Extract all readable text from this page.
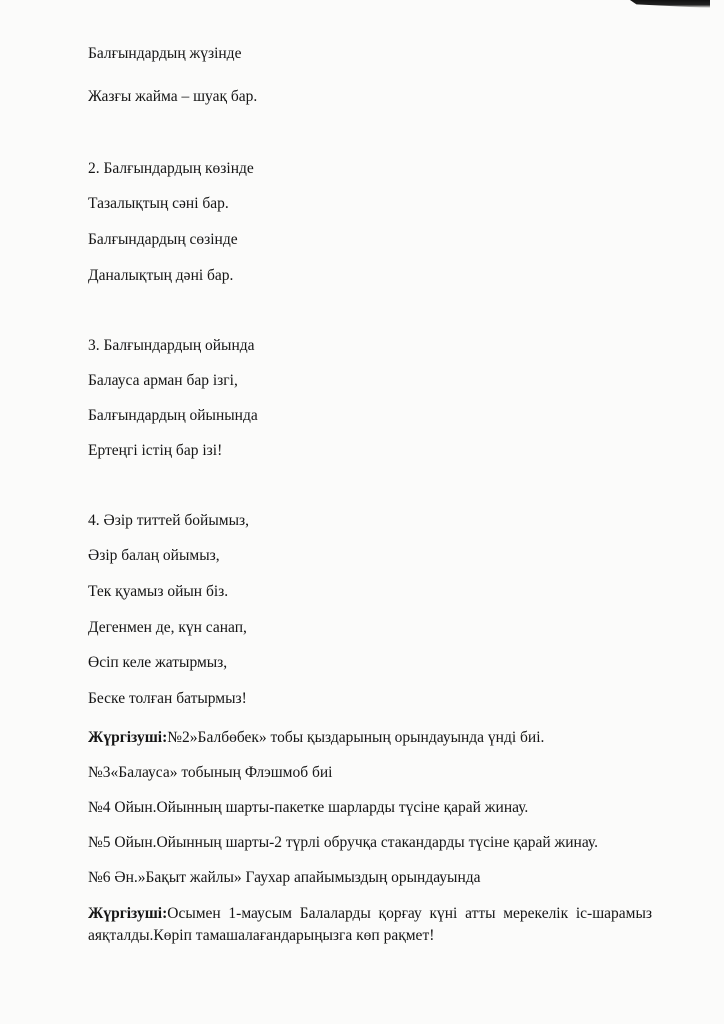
Балғындардың жүзінде
Жазғы жайма – шуақ бар.
2. Балғындардың көзінде
Тазалықтың сәні бар.
Балғындардың сөзінде
Даналықтың дәні бар.
3. Балғындардың ойында
Балауса арман бар ізгі,
Балғындардың ойынында
Ертеңгі істің бар ізі!
4. Әзір титтей бойымыз,
Әзір балаң ойымыз,
Тек қуамыз ойын біз.
Дегенмен де, күн санап,
Өсіп келе жатырмыз,
Беске толған батырмыз!
Жүргізуші:№2»Балбөбек» тобы қыздарының орындауында үнді биі.
№3«Балауса» тобының Флэшмоб биі
№4 Ойын.Ойынның шарты-пакетке шарларды түсіне қарай жинау.
№5 Ойын.Ойынның шарты-2 түрлі обручқа стакандарды түсіне қарай жинау.
№6 Ән.»Бақыт жайлы» Гаухар апайымыздың орындауында
Жүргізуші:Осымен 1-маусым Балаларды қорғау күні атты мерекелік іс-шарамыз аяқталды.Көріп тамашалағандарыңызга көп рақмет!
